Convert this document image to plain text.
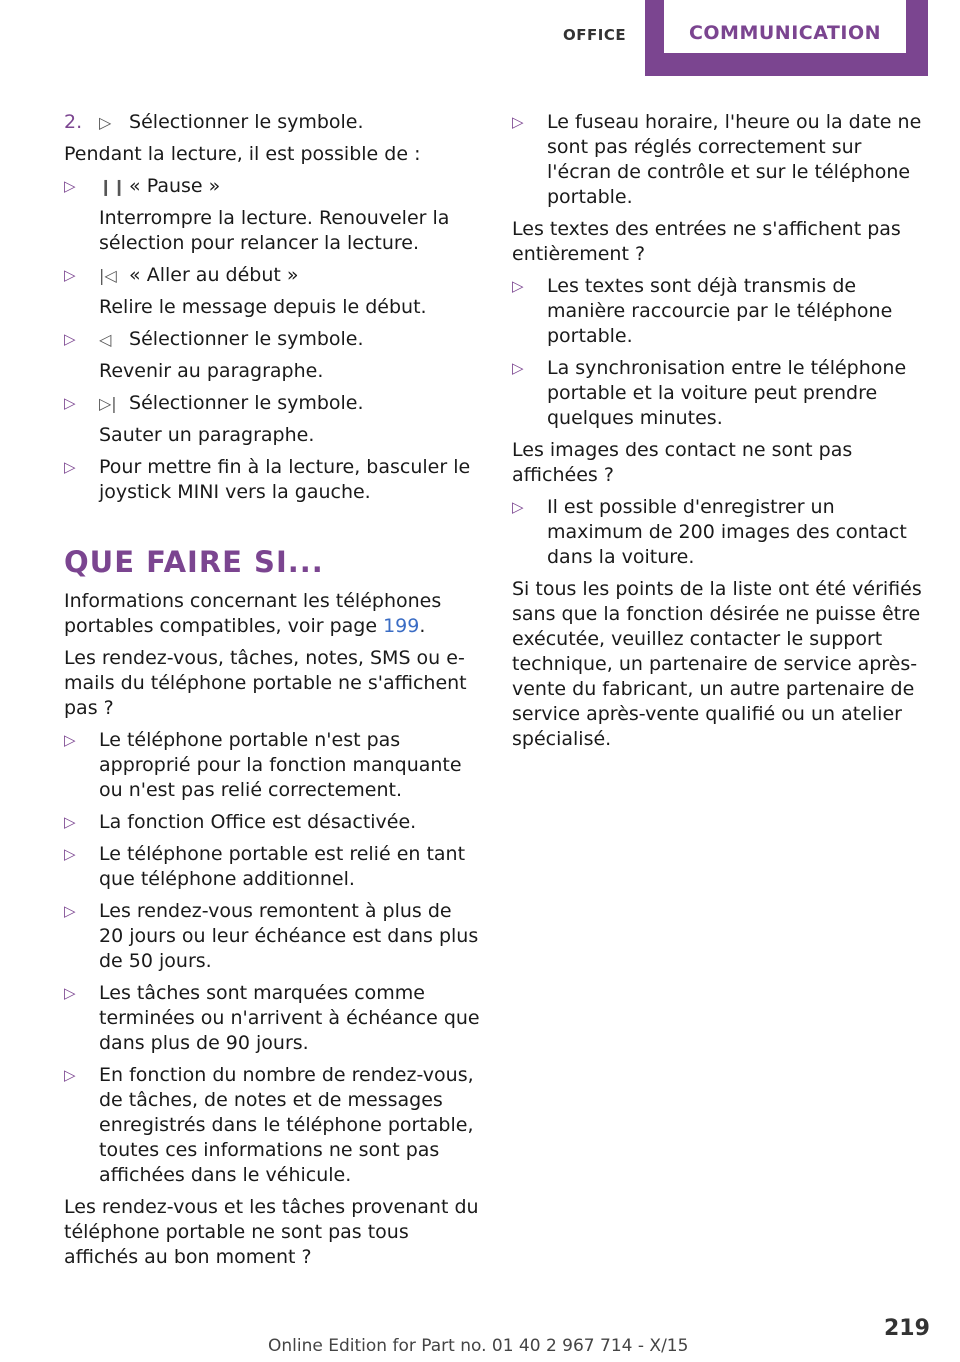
OFFICE	COMMUNICATION
2. ▷ Sélectionner le symbole.

Pendant la lecture, il est possible de :

▷ ❙❙ « Pause »
Interrompre la lecture. Renouveler la sélection pour relancer la lecture.
▷ |◁ « Aller au début »
Relire le message depuis le début.
▷ ◁ Sélectionner le symbole.
Revenir au paragraphe.
▷ ▷| Sélectionner le symbole.
Sauter un paragraphe.
▷ Pour mettre fin à la lecture, basculer le joystick MINI vers la gauche.
QUE FAIRE SI...

Informations concernant les téléphones portables compatibles, voir page 199.

Les rendez-vous, tâches, notes, SMS ou e-mails du téléphone portable ne s'affichent pas ?

▷ Le téléphone portable n'est pas approprié pour la fonction manquante ou n'est pas relié correctement.
▷ La fonction Office est désactivée.
▷ Le téléphone portable est relié en tant que téléphone additionnel.
▷ Les rendez-vous remontent à plus de 20 jours ou leur échéance est dans plus de 50 jours.
▷ Les tâches sont marquées comme terminées ou n'arrivent à échéance que dans plus de 90 jours.
▷ En fonction du nombre de rendez-vous, de tâches, de notes et de messages enregistrés dans le téléphone portable, toutes ces informations ne sont pas affichées dans le véhicule.

Les rendez-vous et les tâches provenant du téléphone portable ne sont pas tous affichés au bon moment ?

▷ Le fuseau horaire, l'heure ou la date ne sont pas réglés correctement sur l'écran de contrôle et sur le téléphone portable.

Les textes des entrées ne s'affichent pas entièrement ?

▷ Les textes sont déjà transmis de manière raccourcie par le téléphone portable.
▷ La synchronisation entre le téléphone portable et la voiture peut prendre quelques minutes.

Les images des contact ne sont pas affichées ?

▷ Il est possible d'enregistrer un maximum de 200 images des contact dans la voiture.

Si tous les points de la liste ont été vérifiés sans que la fonction désirée ne puisse être exécutée, veuillez contacter le support technique, un partenaire de service après-vente du fabricant, un autre partenaire de service après-vente qualifié ou un atelier spécialisé.

219
Online Edition for Part no. 01 40 2 967 714 - X/15
